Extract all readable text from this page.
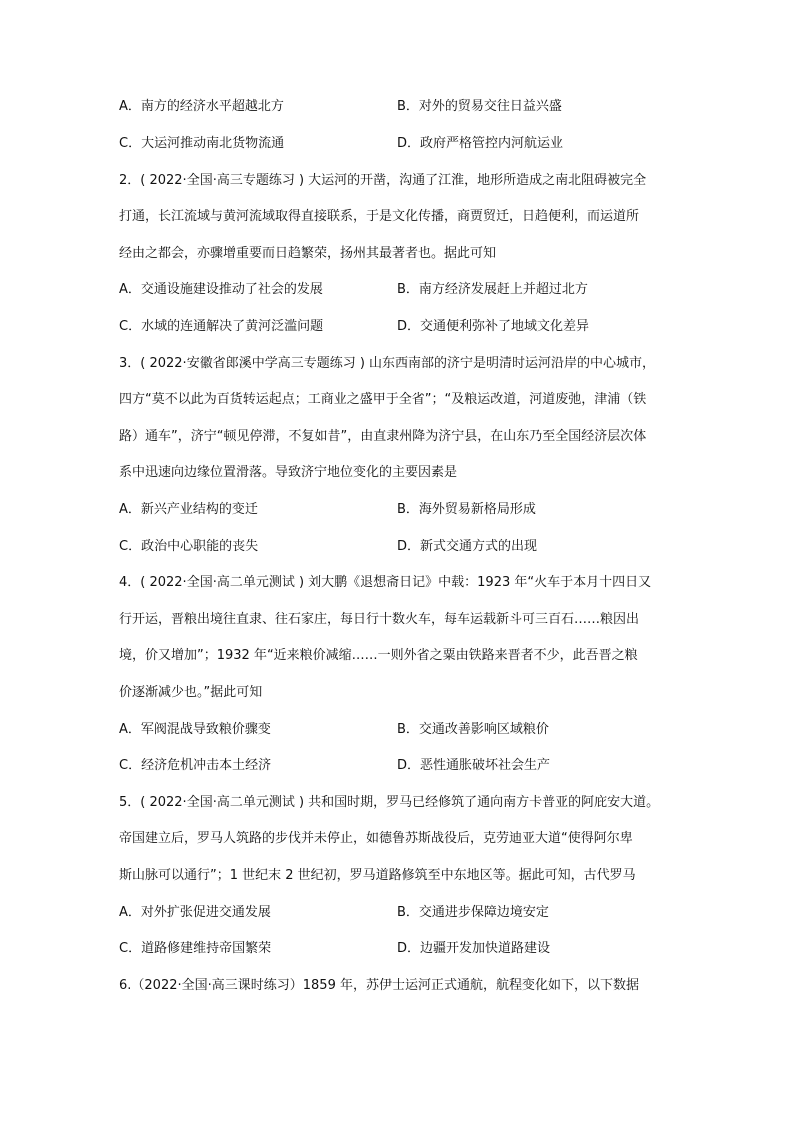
A．南方的经济水平超越北方	B．对外的贸易交往日益兴盛
C．大运河推动南北货物流通	D．政府严格管控内河航运业
2．( 2022·全国·高三专题练习 ) 大运河的开凿，沟通了江淮，地形所造成之南北阻碍被完全
打通，长江流域与黄河流域取得直接联系，于是文化传播，商贾贸迁，日趋便利，而运道所
经由之都会，亦骤增重要而日趋繁荣，扬州其最著者也。据此可知
A．交通设施建设推动了社会的发展	B．南方经济发展赶上并超过北方
C．水域的连通解决了黄河泛滥问题	D．交通便利弥补了地域文化差异
3．( 2022·安徽省郎溪中学高三专题练习 ) 山东西南部的济宁是明清时运河沿岸的中心城市，
四方“莫不以此为百货转运起点；工商业之盛甲于全省”；“及粮运改道，河道废弛，津浦（铁
路）通车”，济宁“顿见停滞，不复如昔”，由直隶州降为济宁县，在山东乃至全国经济层次体
系中迅速向边缘位置滑落。导致济宁地位变化的主要因素是
A．新兴产业结构的变迁	B．海外贸易新格局形成
C．政治中心职能的丧失	D．新式交通方式的出现
4．( 2022·全国·高二单元测试 ) 刘大鹏《退想斋日记》中载：1923 年“火车于本月十四日又
行开运，晋粮出境往直隶、往石家庄，每日行十数火车，每车运载新斗可三百石……粮因出
境，价又增加”；1932 年“近来粮价减缩……一则外省之粟由铁路来晋者不少，此吾晋之粮
价逐渐减少也。”据此可知
A．军阀混战导致粮价骤变	B．交通改善影响区域粮价
C．经济危机冲击本土经济	D．恶性通胀破坏社会生产
5．( 2022·全国·高二单元测试 ) 共和国时期，罗马已经修筑了通向南方卡普亚的阿庇安大道。
帝国建立后，罗马人筑路的步伐并未停止，如德鲁苏斯战役后，克劳迪亚大道“使得阿尔卑
斯山脉可以通行”；1 世纪末 2 世纪初，罗马道路修筑至中东地区等。据此可知，古代罗马
A．对外扩张促进交通发展	B．交通进步保障边境安定
C．道路修建维持帝国繁荣	D．边疆开发加快道路建设
6.（2022·全国·高三课时练习）1859 年，苏伊士运河正式通航，航程变化如下，以下数据
